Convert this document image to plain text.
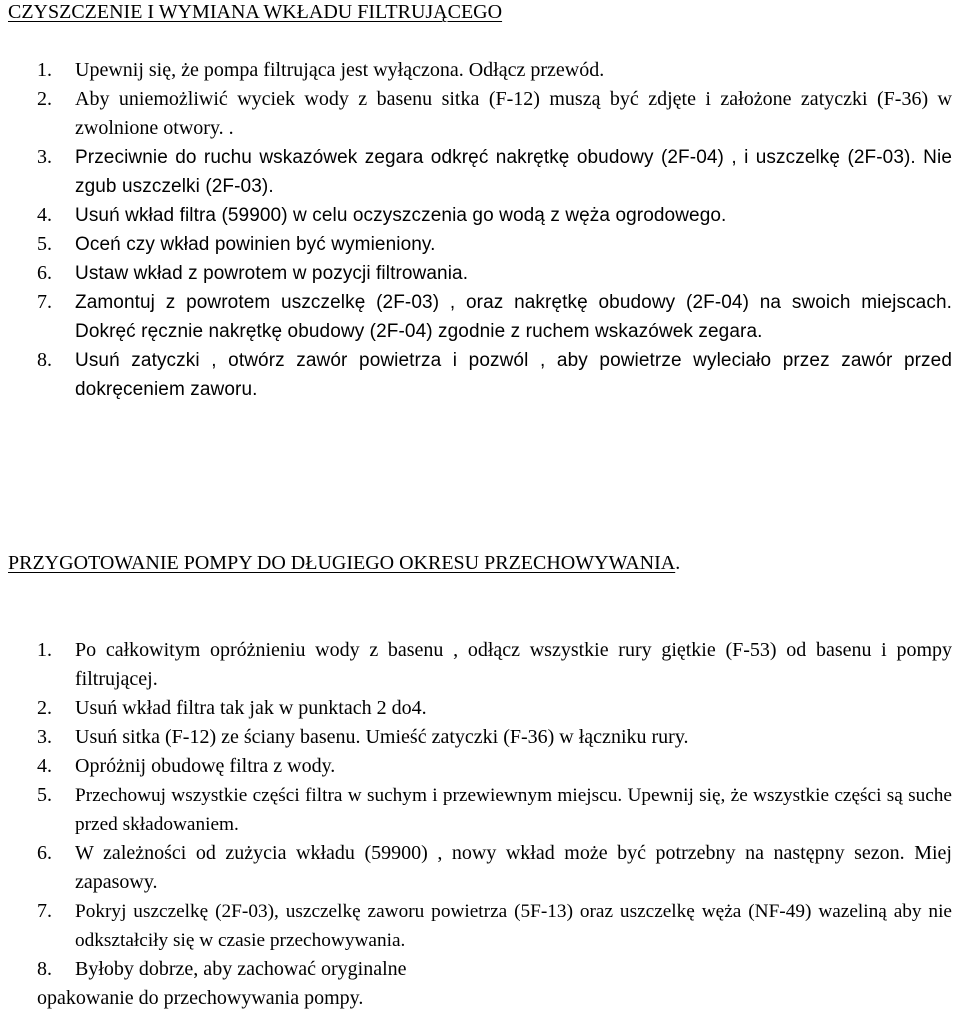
CZYSZCZENIE I WYMIANA WKŁADU FILTRUJĄCEGO
1. Upewnij się, że pompa filtrująca jest wyłączona. Odłącz przewód.
2. Aby uniemożliwić wyciek wody z basenu sitka (F-12) muszą być zdjęte i założone zatyczki (F-36) w zwolnione otwory. .
3. Przeciwnie do ruchu wskazówek zegara odkręć nakrętkę obudowy (2F-04) , i uszczelkę (2F-03). Nie zgub uszczelki (2F-03).
4. Usuń wkład filtra (59900) w celu oczyszczenia go wodą z węża ogrodowego.
5. Oceń czy wkład powinien być wymieniony.
6. Ustaw wkład z powrotem w pozycji filtrowania.
7. Zamontuj z powrotem uszczelkę (2F-03) , oraz nakrętkę obudowy (2F-04) na swoich miejscach. Dokręć ręcznie nakrętkę obudowy (2F-04) zgodnie z ruchem wskazówek zegara.
8. Usuń zatyczki , otwórz zawór powietrza i pozwól , aby powietrze wyleciało przez zawór przed dokręceniem zaworu.
PRZYGOTOWANIE POMPY DO DŁUGIEGO OKRESU PRZECHOWYWANIA.
1. Po całkowitym opróżnieniu wody z basenu , odłącz wszystkie rury giętkie (F-53) od basenu i pompy filtrującej.
2. Usuń wkład filtra tak jak w punktach 2 do4.
3. Usuń sitka (F-12) ze ściany basenu. Umieść zatyczki (F-36) w łączniku rury.
4. Opróżnij obudowę filtra z wody.
5. Przechowuj wszystkie części filtra w suchym i przewiewnym miejscu. Upewnij się, że wszystkie części są suche przed składowaniem.
6. W zależności od zużycia wkładu (59900) , nowy wkład może być potrzebny na następny sezon. Miej zapasowy.
7. Pokryj uszczelkę (2F-03), uszczelkę zaworu powietrza (5F-13) oraz uszczelkę węża (NF-49) wazeliną aby nie odkształciły się w czasie przechowywania.
8. Byłoby dobrze, aby zachować oryginalne
opakowanie do przechowywania pompy.
